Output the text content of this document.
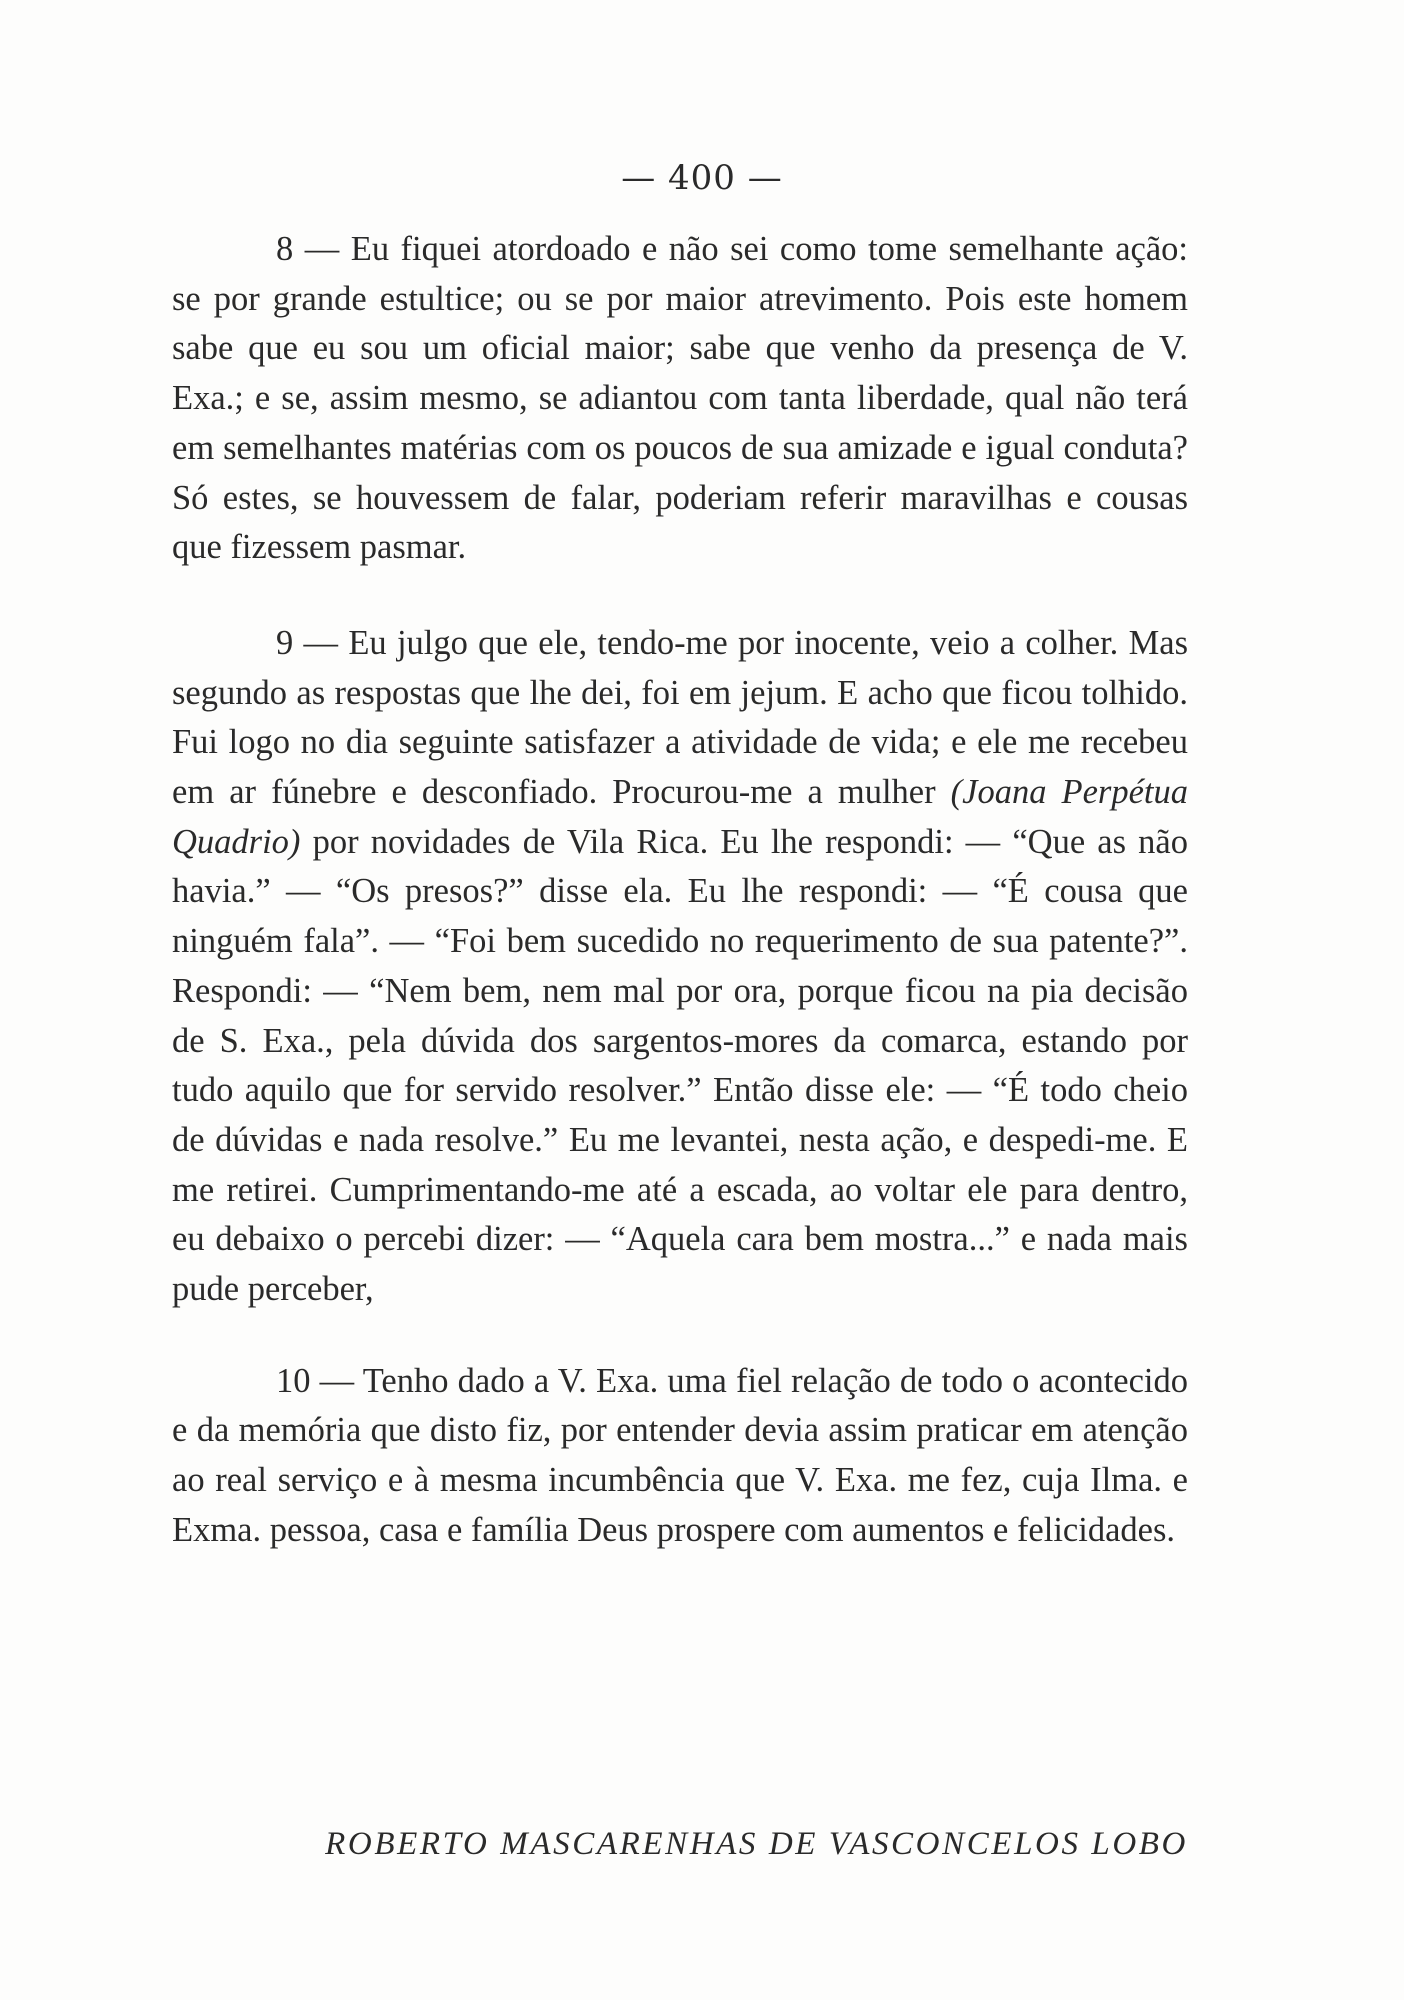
— 400 —

8 — Eu fiquei atordoado e não sei como tome semelhante ação: se por grande estultice; ou se por maior atrevimento. Pois este homem sabe que eu sou um oficial maior; sabe que venho da presença de V. Exa.; e se, assim mesmo, se adiantou com tanta liberdade, qual não terá em semelhantes matérias com os poucos de sua amizade e igual conduta? Só estes, se houvessem de falar, poderiam referir maravilhas e cousas que fizessem pasmar.

9 — Eu julgo que ele, tendo-me por inocente, veio a colher. Mas segundo as respostas que lhe dei, foi em jejum. E acho que ficou tolhido. Fui logo no dia seguinte satisfazer a atividade de vida; e ele me recebeu em ar fúnebre e desconfiado. Procurou-me a mulher (Joana Perpétua Quadrio) por novidades de Vila Rica. Eu lhe respondi: — “Que as não havia.” — “Os presos?” disse ela. Eu lhe respondi: — “É cousa que ninguém fala”. — “Foi bem sucedido no requerimento de sua patente?”. Respondi: — “Nem bem, nem mal por ora, porque ficou na pia decisão de S. Exa., pela dúvida dos sargentos-mores da comarca, estando por tudo aquilo que for servido resolver.” Então disse ele: — “É todo cheio de dúvidas e nada resolve.” Eu me levantei, nesta ação, e despedi-me. E me retirei. Cumprimentando-me até a escada, ao voltar ele para dentro, eu debaixo o percebi dizer: — “Aquela cara bem mostra...” e nada mais pude perceber,

10 — Tenho dado a V. Exa. uma fiel relação de todo o acontecido e da memória que disto fiz, por entender devia assim praticar em atenção ao real serviço e à mesma incumbência que V. Exa. me fez, cuja Ilma. e Exma. pessoa, casa e família Deus prospere com aumentos e felicidades.

ROBERTO MASCARENHAS DE VASCONCELOS LOBO
